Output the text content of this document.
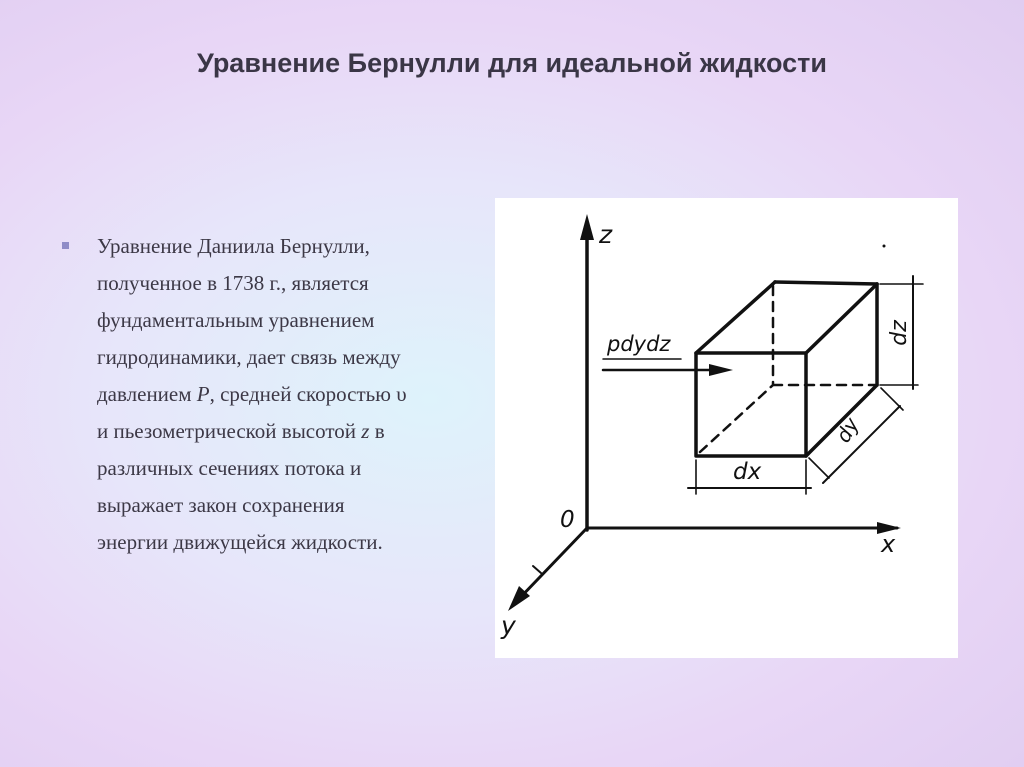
Уравнение Бернулли для идеальной жидкости
Уравнение Даниила Бернулли,
полученное в 1738 г., является
фундаментальным уравнением
гидродинамики, дает связь между
давлением P, средней скоростью υ
и пьезометрической высотой z в
различных сечениях потока и
выражает закон сохранения
энергии движущейся жидкости.
z
x
y
0
pdydz
dx
dy
dz
